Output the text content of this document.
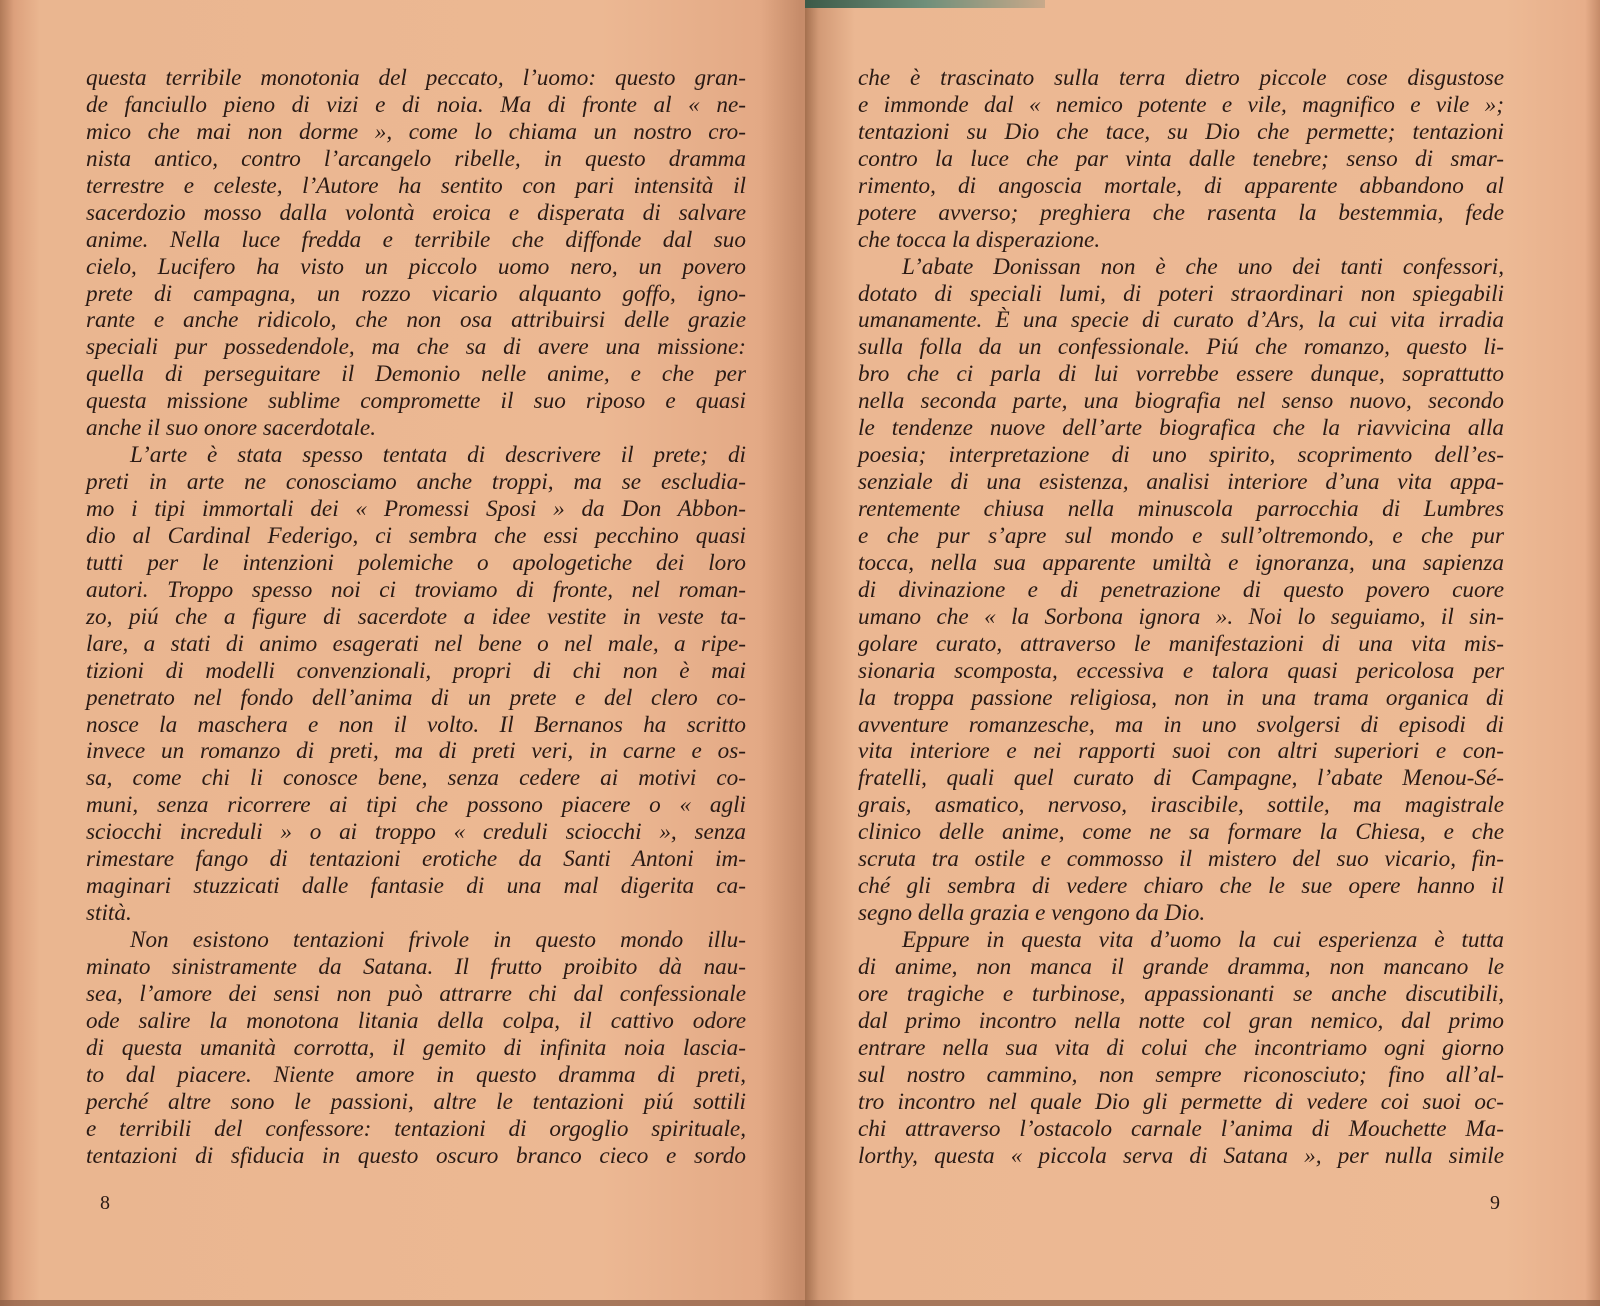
questa terribile monotonia del peccato, l’uomo: questo gran-
de fanciullo pieno di vizi e di noia. Ma di fronte al « ne-
mico che mai non dorme », come lo chiama un nostro cro-
nista antico, contro l’arcangelo ribelle, in questo dramma
terrestre e celeste, l’Autore ha sentito con pari intensità il
sacerdozio mosso dalla volontà eroica e disperata di salvare
anime. Nella luce fredda e terribile che diffonde dal suo
cielo, Lucifero ha visto un piccolo uomo nero, un povero
prete di campagna, un rozzo vicario alquanto goffo, igno-
rante e anche ridicolo, che non osa attribuirsi delle grazie
speciali pur possedendole, ma che sa di avere una missione:
quella di perseguitare il Demonio nelle anime, e che per
questa missione sublime compromette il suo riposo e quasi
anche il suo onore sacerdotale.
L’arte è stata spesso tentata di descrivere il prete; di
preti in arte ne conosciamo anche troppi, ma se escludia-
mo i tipi immortali dei « Promessi Sposi » da Don Abbon-
dio al Cardinal Federigo, ci sembra che essi pecchino quasi
tutti per le intenzioni polemiche o apologetiche dei loro
autori. Troppo spesso noi ci troviamo di fronte, nel roman-
zo, piú che a figure di sacerdote a idee vestite in veste ta-
lare, a stati di animo esagerati nel bene o nel male, a ripe-
tizioni di modelli convenzionali, propri di chi non è mai
penetrato nel fondo dell’anima di un prete e del clero co-
nosce la maschera e non il volto. Il Bernanos ha scritto
invece un romanzo di preti, ma di preti veri, in carne e os-
sa, come chi li conosce bene, senza cedere ai motivi co-
muni, senza ricorrere ai tipi che possono piacere o « agli
sciocchi increduli » o ai troppo « creduli sciocchi », senza
rimestare fango di tentazioni erotiche da Santi Antoni im-
maginari stuzzicati dalle fantasie di una mal digerita ca-
stità.
Non esistono tentazioni frivole in questo mondo illu-
minato sinistramente da Satana. Il frutto proibito dà nau-
sea, l’amore dei sensi non può attrarre chi dal confessionale
ode salire la monotona litania della colpa, il cattivo odore
di questa umanità corrotta, il gemito di infinita noia lascia-
to dal piacere. Niente amore in questo dramma di preti,
perché altre sono le passioni, altre le tentazioni piú sottili
e terribili del confessore: tentazioni di orgoglio spirituale,
tentazioni di sfiducia in questo oscuro branco cieco e sordo
8
che è trascinato sulla terra dietro piccole cose disgustose
e immonde dal « nemico potente e vile, magnifico e vile »;
tentazioni su Dio che tace, su Dio che permette; tentazioni
contro la luce che par vinta dalle tenebre; senso di smar-
rimento, di angoscia mortale, di apparente abbandono al
potere avverso; preghiera che rasenta la bestemmia, fede
che tocca la disperazione.
L’abate Donissan non è che uno dei tanti confessori,
dotato di speciali lumi, di poteri straordinari non spiegabili
umanamente. È una specie di curato d’Ars, la cui vita irradia
sulla folla da un confessionale. Piú che romanzo, questo li-
bro che ci parla di lui vorrebbe essere dunque, soprattutto
nella seconda parte, una biografia nel senso nuovo, secondo
le tendenze nuove dell’arte biografica che la riavvicina alla
poesia; interpretazione di uno spirito, scoprimento dell’es-
senziale di una esistenza, analisi interiore d’una vita appa-
rentemente chiusa nella minuscola parrocchia di Lumbres
e che pur s’apre sul mondo e sull’oltremondo, e che pur
tocca, nella sua apparente umiltà e ignoranza, una sapienza
di divinazione e di penetrazione di questo povero cuore
umano che « la Sorbona ignora ». Noi lo seguiamo, il sin-
golare curato, attraverso le manifestazioni di una vita mis-
sionaria scomposta, eccessiva e talora quasi pericolosa per
la troppa passione religiosa, non in una trama organica di
avventure romanzesche, ma in uno svolgersi di episodi di
vita interiore e nei rapporti suoi con altri superiori e con-
fratelli, quali quel curato di Campagne, l’abate Menou-Sé-
grais, asmatico, nervoso, irascibile, sottile, ma magistrale
clinico delle anime, come ne sa formare la Chiesa, e che
scruta tra ostile e commosso il mistero del suo vicario, fin-
ché gli sembra di vedere chiaro che le sue opere hanno il
segno della grazia e vengono da Dio.
Eppure in questa vita d’uomo la cui esperienza è tutta
di anime, non manca il grande dramma, non mancano le
ore tragiche e turbinose, appassionanti se anche discutibili,
dal primo incontro nella notte col gran nemico, dal primo
entrare nella sua vita di colui che incontriamo ogni giorno
sul nostro cammino, non sempre riconosciuto; fino all’al-
tro incontro nel quale Dio gli permette di vedere coi suoi oc-
chi attraverso l’ostacolo carnale l’anima di Mouchette Ma-
lorthy, questa « piccola serva di Satana », per nulla simile
9
